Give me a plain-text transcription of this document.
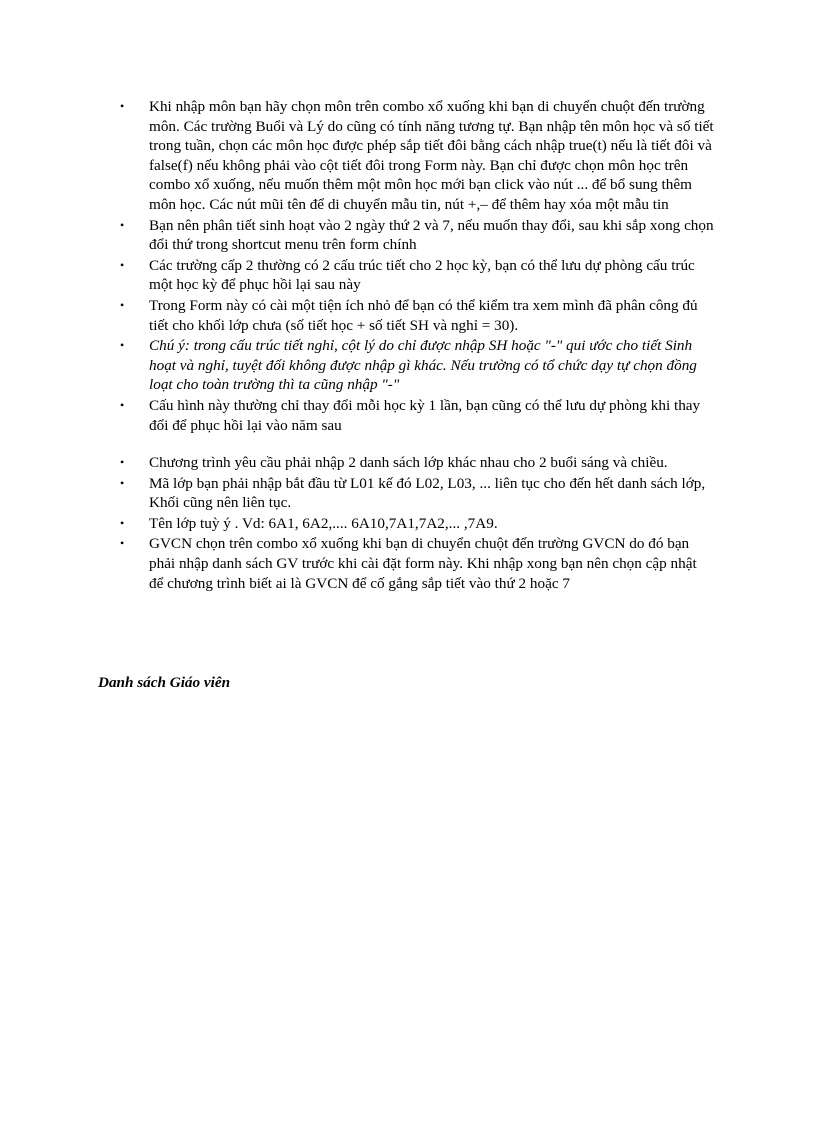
• Khi nhập môn bạn hãy chọn môn trên combo xổ xuống khi bạn di chuyển chuột đến trường môn. Các trường Buổi và Lý do cũng có tính năng tương tự. Bạn nhập tên môn học và số tiết trong tuần, chọn các môn học được phép sắp tiết đôi bằng cách nhập true(t) nếu là tiết đôi và false(f) nếu không phải vào cột tiết đôi trong Form này. Bạn chỉ được chọn môn học trên combo xổ xuống, nếu muốn thêm một môn học mới bạn click vào nút ... để bổ sung thêm môn học. Các nút mũi tên để di chuyển mẫu tin, nút +,– để thêm hay xóa một mẫu tin
• Bạn nên phân tiết sinh hoạt vào 2 ngày thứ 2 và 7, nếu muốn thay đổi, sau khi sắp xong chọn đổi thứ trong shortcut menu trên form chính
• Các trường cấp 2 thường có 2 cấu trúc tiết cho 2 học kỳ, bạn có thể lưu dự phòng cấu trúc một học kỳ để phục hồi lại sau này
• Trong Form này có cài một tiện ích nhỏ để bạn có thể kiểm tra xem mình đã phân công đủ tiết cho khối lớp chưa (số tiết học + số tiết SH và nghỉ = 30).
• Chú ý: trong cấu trúc tiết nghỉ, cột lý do chỉ được nhập SH hoặc "-" qui ước cho tiết Sinh hoạt và nghỉ, tuyệt đối không được nhập gì khác. Nếu trường có tổ chức dạy tự chọn đồng loạt cho toàn trường thì ta cũng nhập "-"
• Cấu hình này thường chỉ thay đổi mỗi học kỳ 1 lần, bạn cũng có thể lưu dự phòng khi thay đổi để phục hồi lại vào năm sau
• Chương trình yêu cầu phải nhập 2 danh sách lớp khác nhau cho 2 buổi sáng và chiều.
• Mã lớp bạn phải nhập bắt đầu từ L01 kế đó L02, L03, ... liên tục cho đến hết danh sách lớp, Khối cũng nên liên tục.
• Tên lớp tuỳ ý . Vd: 6A1, 6A2,.... 6A10,7A1,7A2,... ,7A9.
• GVCN chọn trên combo xổ xuống khi bạn di chuyển chuột đến trường GVCN do đó bạn phải nhập danh sách GV trước khi cài đặt form này. Khi nhập xong bạn nên chọn cập nhật để chương trình biết ai là GVCN để cố gắng sắp tiết vào thứ 2 hoặc 7
Danh sách Giáo viên
